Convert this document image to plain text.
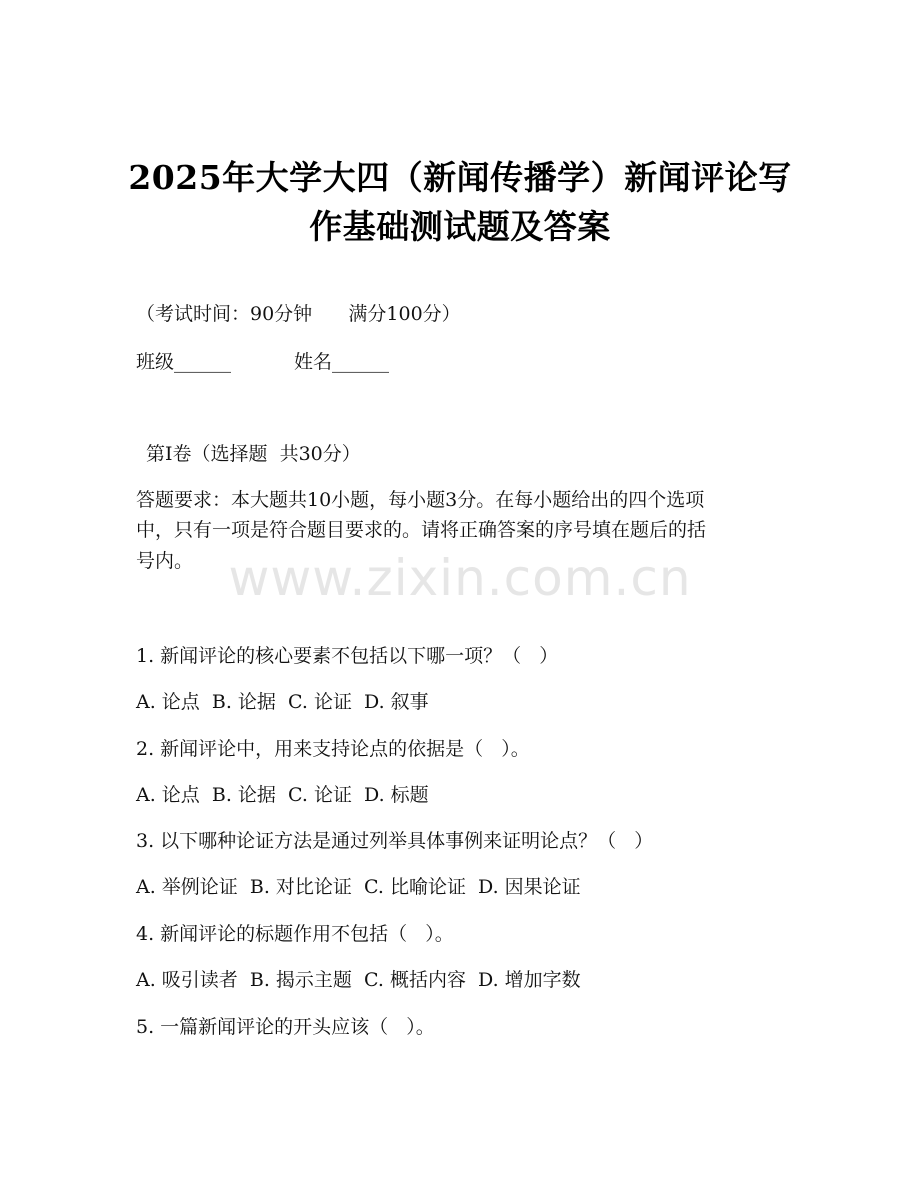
2025年大学大四（新闻传播学）新闻评论写
作基础测试题及答案
（考试时间：90分钟      满分100分）
班级______	姓名______
第I卷（选择题  共30分）
答题要求：本大题共10小题，每小题3分。在每小题给出的四个选项
中，只有一项是符合题目要求的。请将正确答案的序号填在题后的括
号内。 www.zixin.com.cn
1. 新闻评论的核心要素不包括以下哪一项？（   ）
A. 论点  B. 论据  C. 论证  D. 叙事
2. 新闻评论中，用来支持论点的依据是（   ）。
A. 论点  B. 论据  C. 论证  D. 标题
3. 以下哪种论证方法是通过列举具体事例来证明论点？（   ）
A. 举例论证  B. 对比论证  C. 比喻论证  D. 因果论证
4. 新闻评论的标题作用不包括（   ）。
A. 吸引读者  B. 揭示主题  C. 概括内容  D. 增加字数
5. 一篇新闻评论的开头应该（   ）。
